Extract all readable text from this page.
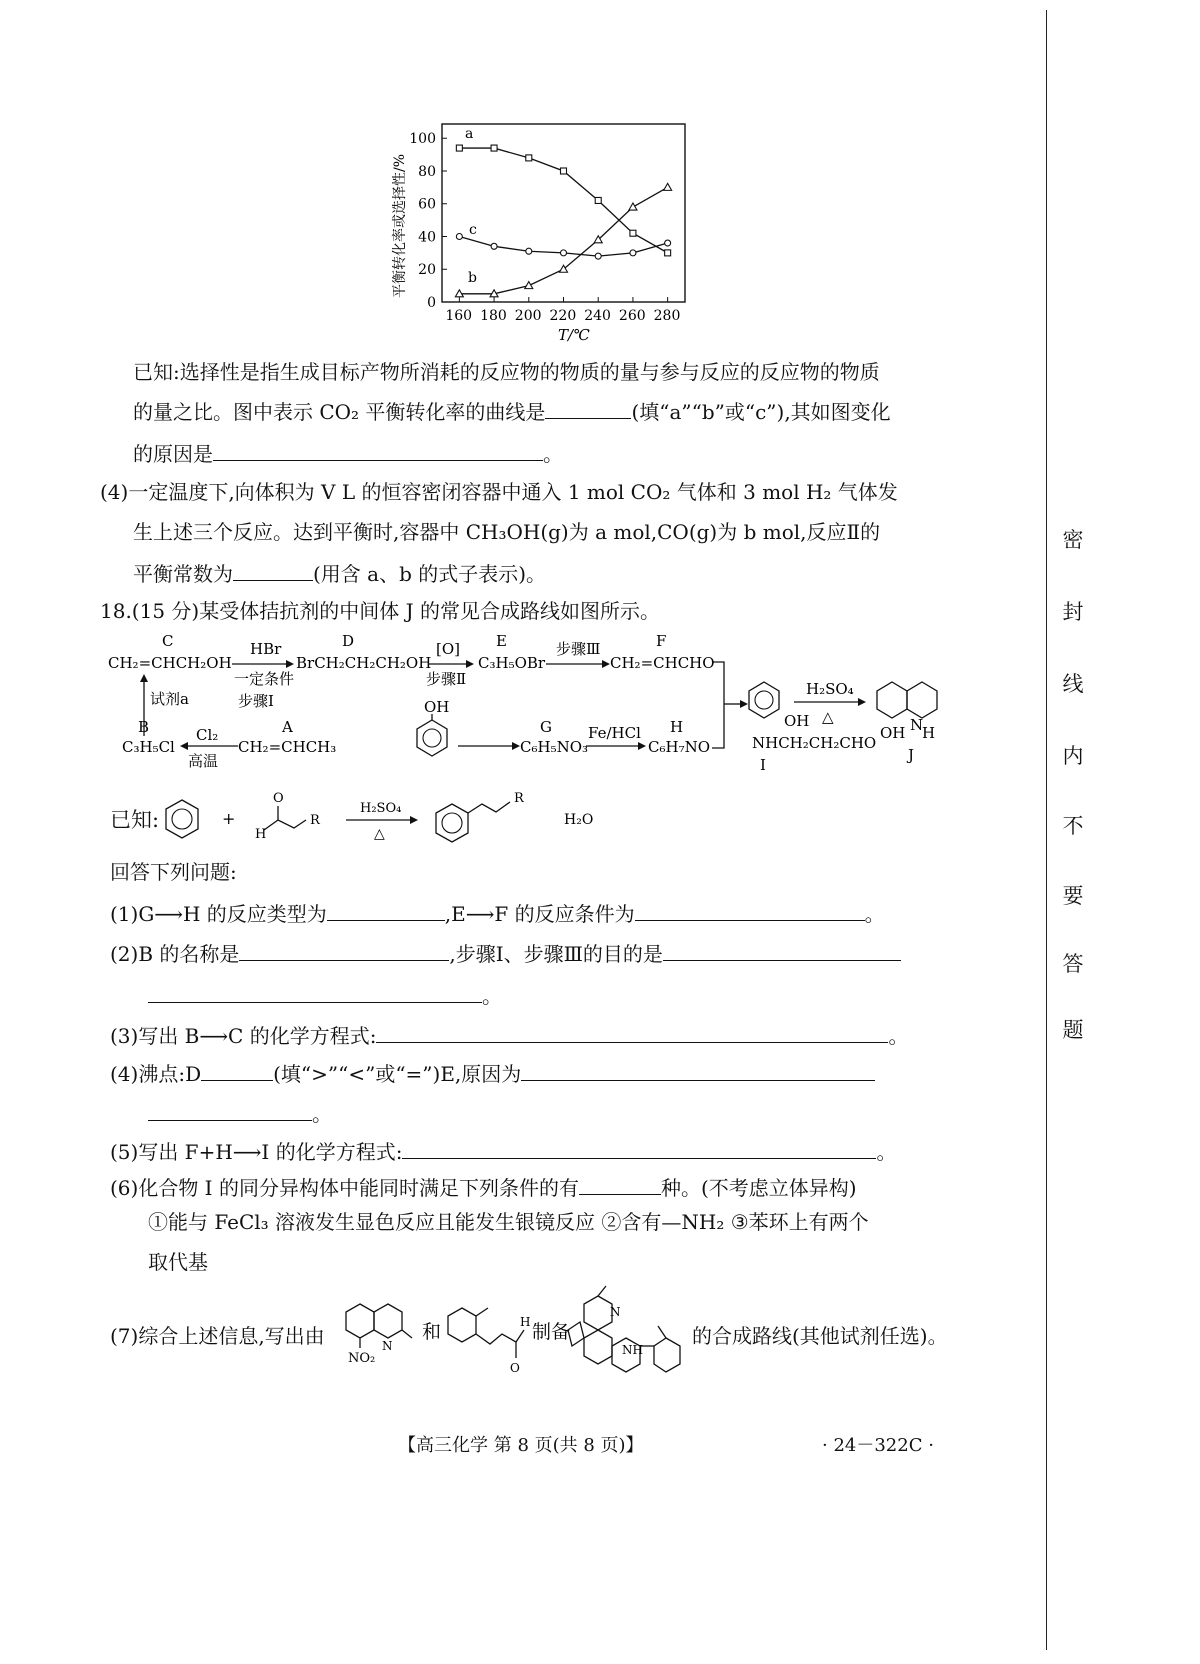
160 180 200 220 240 260 280
0
20
40
60
80
100
平衡转化率或选择性/%
T/℃
a
b
c
已知:选择性是指生成目标产物所消耗的反应物的物质的量与参与反应的反应物的物质
的量之比。图中表示 CO₂ 平衡转化率的曲线是	(填“a”“b”或“c”),其如图变化
的原因是	。
(4)一定温度下,向体积为 V L 的恒容密闭容器中通入 1 mol CO₂ 气体和 3 mol H₂ 气体发
生上述三个反应。达到平衡时,容器中 CH₃OH(g)为 a mol,CO(g)为 b mol,反应Ⅱ的
平衡常数为	(用含 a、b 的式子表示)。
18.(15 分)某受体拮抗剂的中间体 J 的常见合成路线如图所示。
C
CH₂=CHCH₂OH
HBr
一定条件
步骤Ⅰ
D
BrCH₂CH₂CH₂OH
[O]
步骤Ⅱ
E
C₃H₅OBr
步骤Ⅲ	F
CH₂=CHCHO
试剂a
B
C₃H₅Cl
Cl₂
高温
A
CH₂=CHCH₃
OH
G
C₆H₅NO₃
Fe/HCl H
C₆H₇NO
OH
NHCH₂CH₂CHO
I
H₂SO₄
△
OH N
H
J
已知:	+
O
H
R
H₂SO₄
△
R
H₂O
回答下列问题:
(1)G⟶H 的反应类型为	,E⟶F 的反应条件为	。
(2)B 的名称是	,步骤Ⅰ、步骤Ⅲ的目的是
。
(3)写出 B⟶C 的化学方程式:	。
(4)沸点:D	(填“>”“<”或“=”)E,原因为
。
(5)写出 F+H⟶I 的化学方程式:	。
(6)化合物 I 的同分异构体中能同时满足下列条件的有	种。(不考虑立体异构)
①能与 FeCl₃ 溶液发生显色反应且能发生银镜反应 ②含有—NH₂ ③苯环上有两个
取代基
(7)综合上述信息,写出由	N
NO₂
和	H
O
制备
N
NH
的合成路线(其他试剂任选)。
【高三化学 第 8 页(共 8 页)】	· 24－322C ·
密
封
线
内
不
要
答
题
